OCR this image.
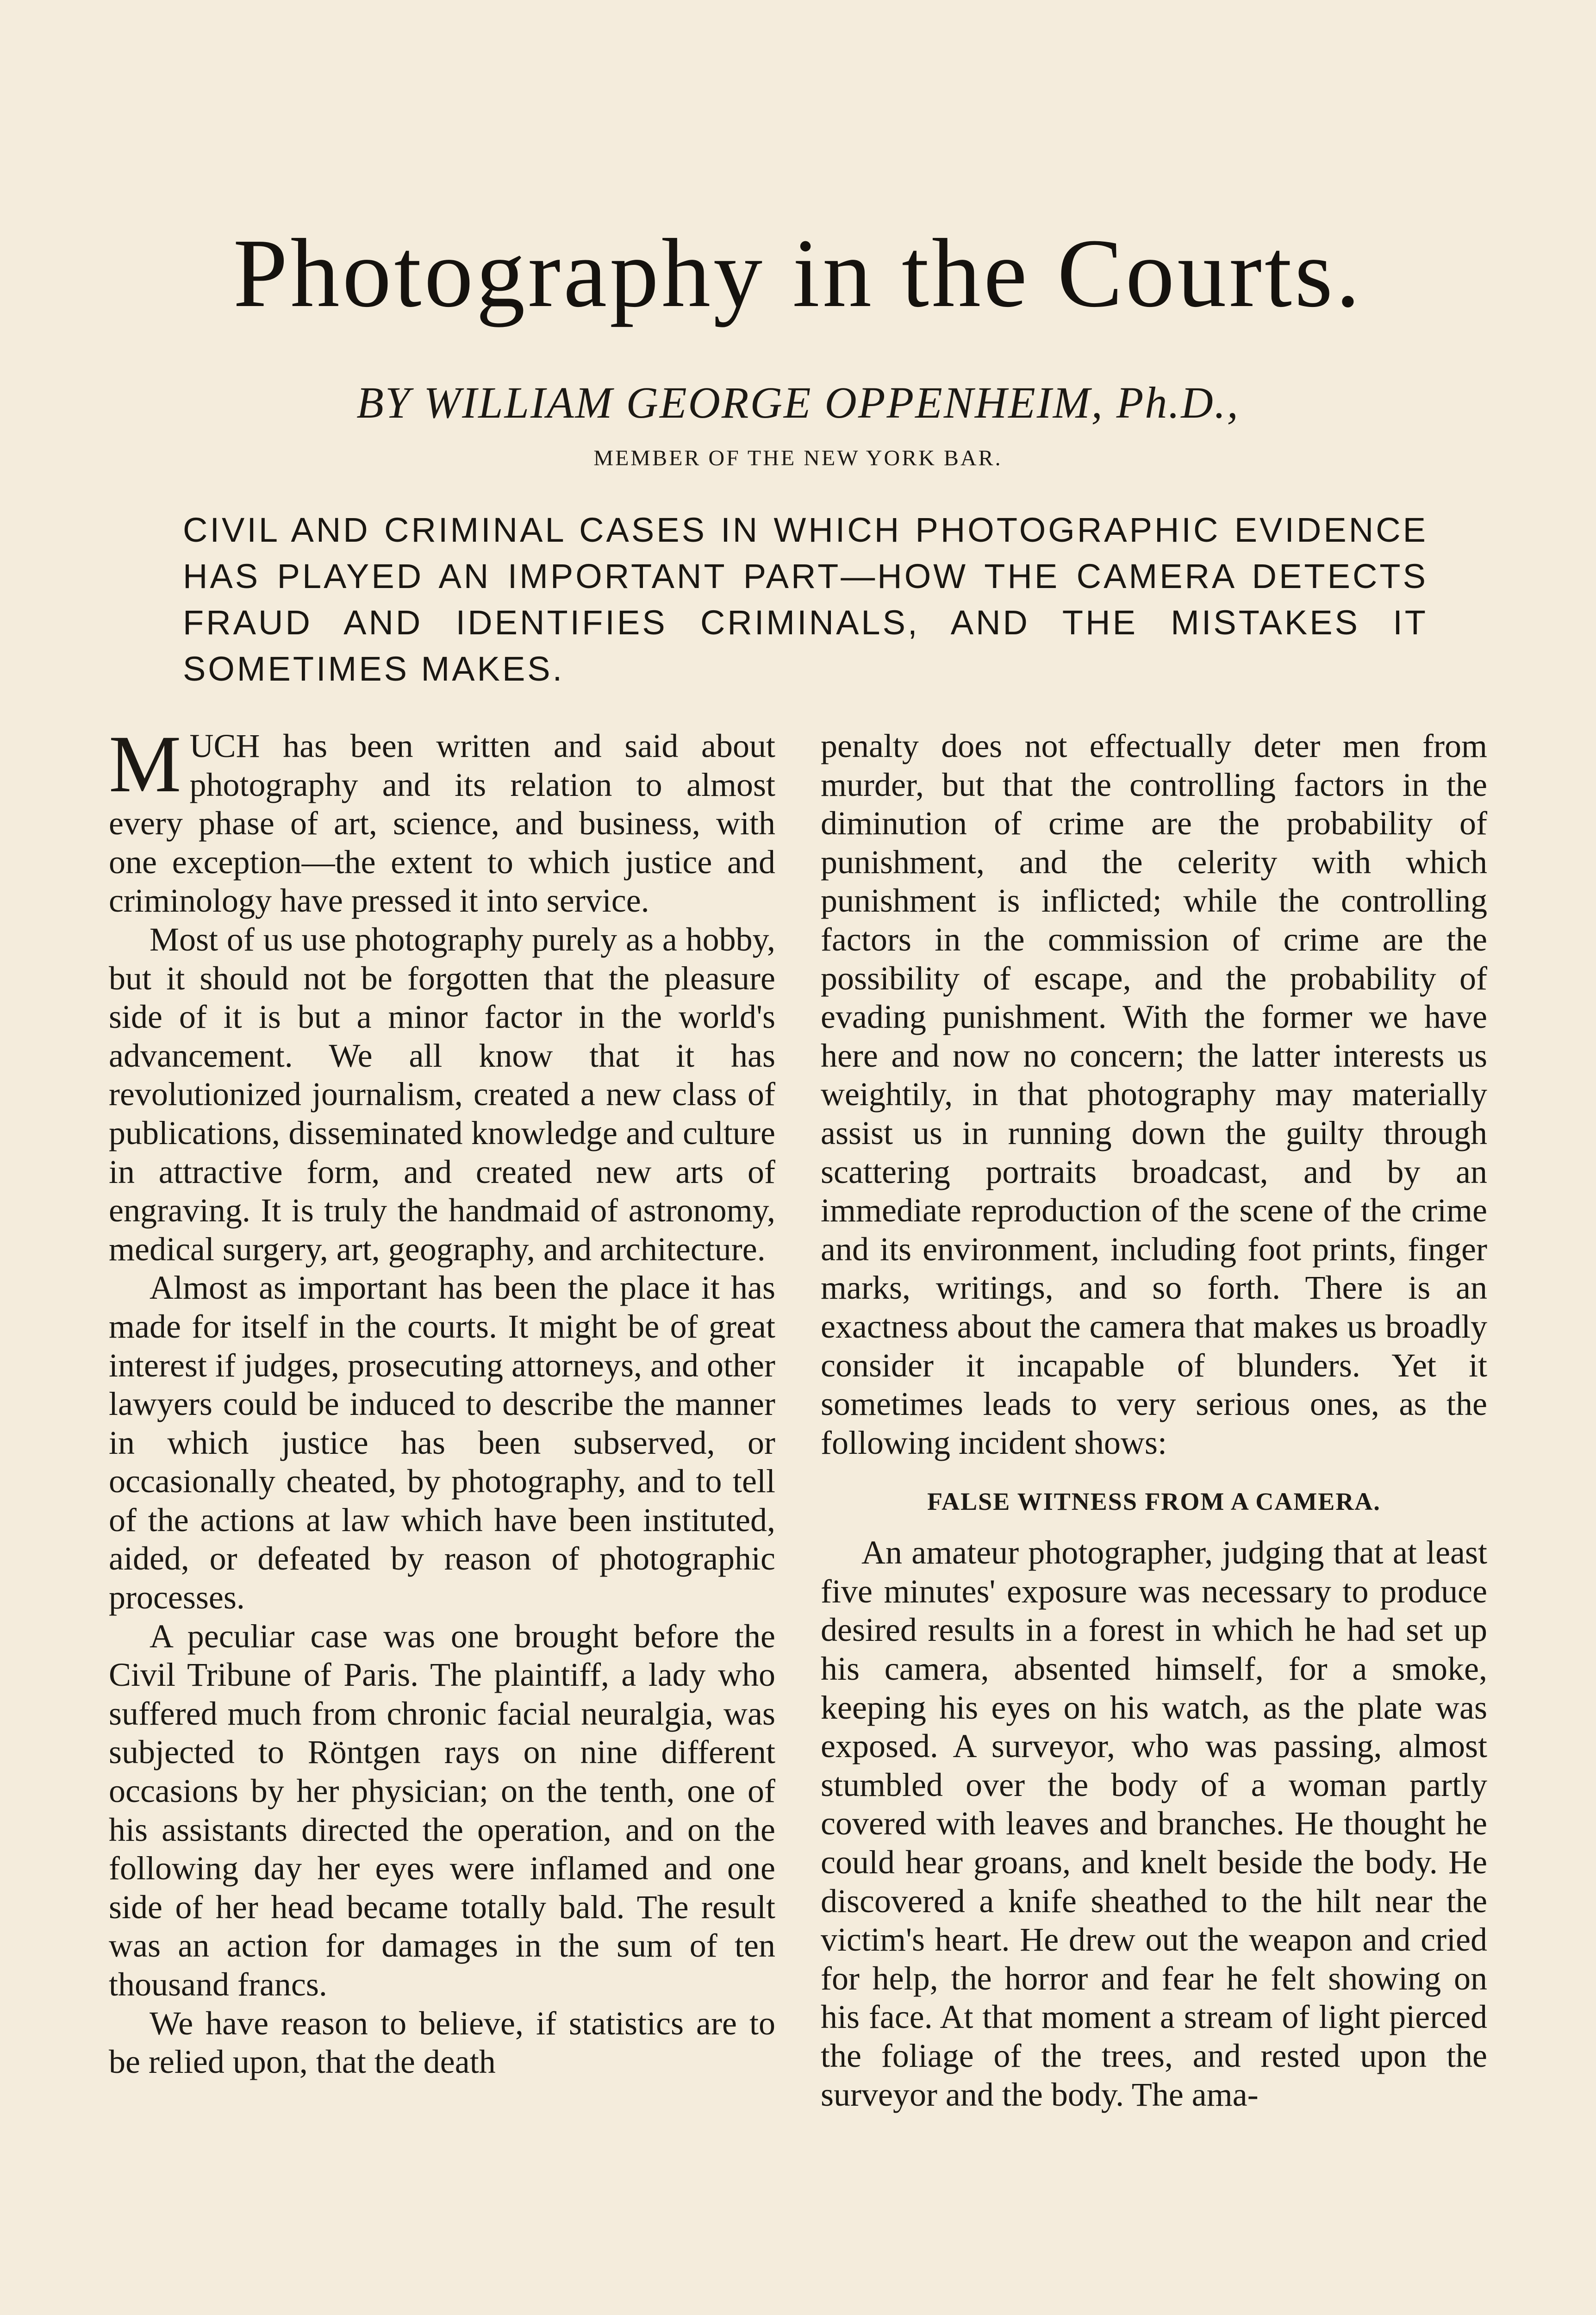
Photography in the Courts.
BY WILLIAM GEORGE OPPENHEIM, Ph.D.,
MEMBER OF THE NEW YORK BAR.
CIVIL AND CRIMINAL CASES IN WHICH PHOTOGRAPHIC EVIDENCE HAS PLAYED AN IMPORTANT PART—HOW THE CAMERA DETECTS FRAUD AND IDENTIFIES CRIMINALS, AND THE MISTAKES IT SOMETIMES MAKES.

MUCH has been written and said about photography and its relation to almost every phase of art, science, and business, with one exception—the extent to which justice and criminology have pressed it into service.

Most of us use photography purely as a hobby, but it should not be forgotten that the pleasure side of it is but a minor factor in the world's advancement. We all know that it has revolutionized journalism, created a new class of publications, disseminated knowledge and culture in attractive form, and created new arts of engraving. It is truly the handmaid of astronomy, medical surgery, art, geography, and architecture.

Almost as important has been the place it has made for itself in the courts. It might be of great interest if judges, prosecuting attorneys, and other lawyers could be induced to describe the manner in which justice has been subserved, or occasionally cheated, by photography, and to tell of the actions at law which have been instituted, aided, or defeated by reason of photographic processes.

A peculiar case was one brought before the Civil Tribune of Paris. The plaintiff, a lady who suffered much from chronic facial neuralgia, was subjected to Röntgen rays on nine different occasions by her physician; on the tenth, one of his assistants directed the operation, and on the following day her eyes were inflamed and one side of her head became totally bald. The result was an action for damages in the sum of ten thousand francs.

We have reason to believe, if statistics are to be relied upon, that the death

penalty does not effectually deter men from murder, but that the controlling factors in the diminution of crime are the probability of punishment, and the celerity with which punishment is inflicted; while the controlling factors in the commission of crime are the possibility of escape, and the probability of evading punishment. With the former we have here and now no concern; the latter interests us weightily, in that photography may materially assist us in running down the guilty through scattering portraits broadcast, and by an immediate reproduction of the scene of the crime and its environment, including foot prints, finger marks, writings, and so forth. There is an exactness about the camera that makes us broadly consider it incapable of blunders. Yet it sometimes leads to very serious ones, as the following incident shows:

FALSE WITNESS FROM A CAMERA.

An amateur photographer, judging that at least five minutes' exposure was necessary to produce desired results in a forest in which he had set up his camera, absented himself, for a smoke, keeping his eyes on his watch, as the plate was exposed. A surveyor, who was passing, almost stumbled over the body of a woman partly covered with leaves and branches. He thought he could hear groans, and knelt beside the body. He discovered a knife sheathed to the hilt near the victim's heart. He drew out the weapon and cried for help, the horror and fear he felt showing on his face. At that moment a stream of light pierced the foliage of the trees, and rested upon the surveyor and the body. The ama-
